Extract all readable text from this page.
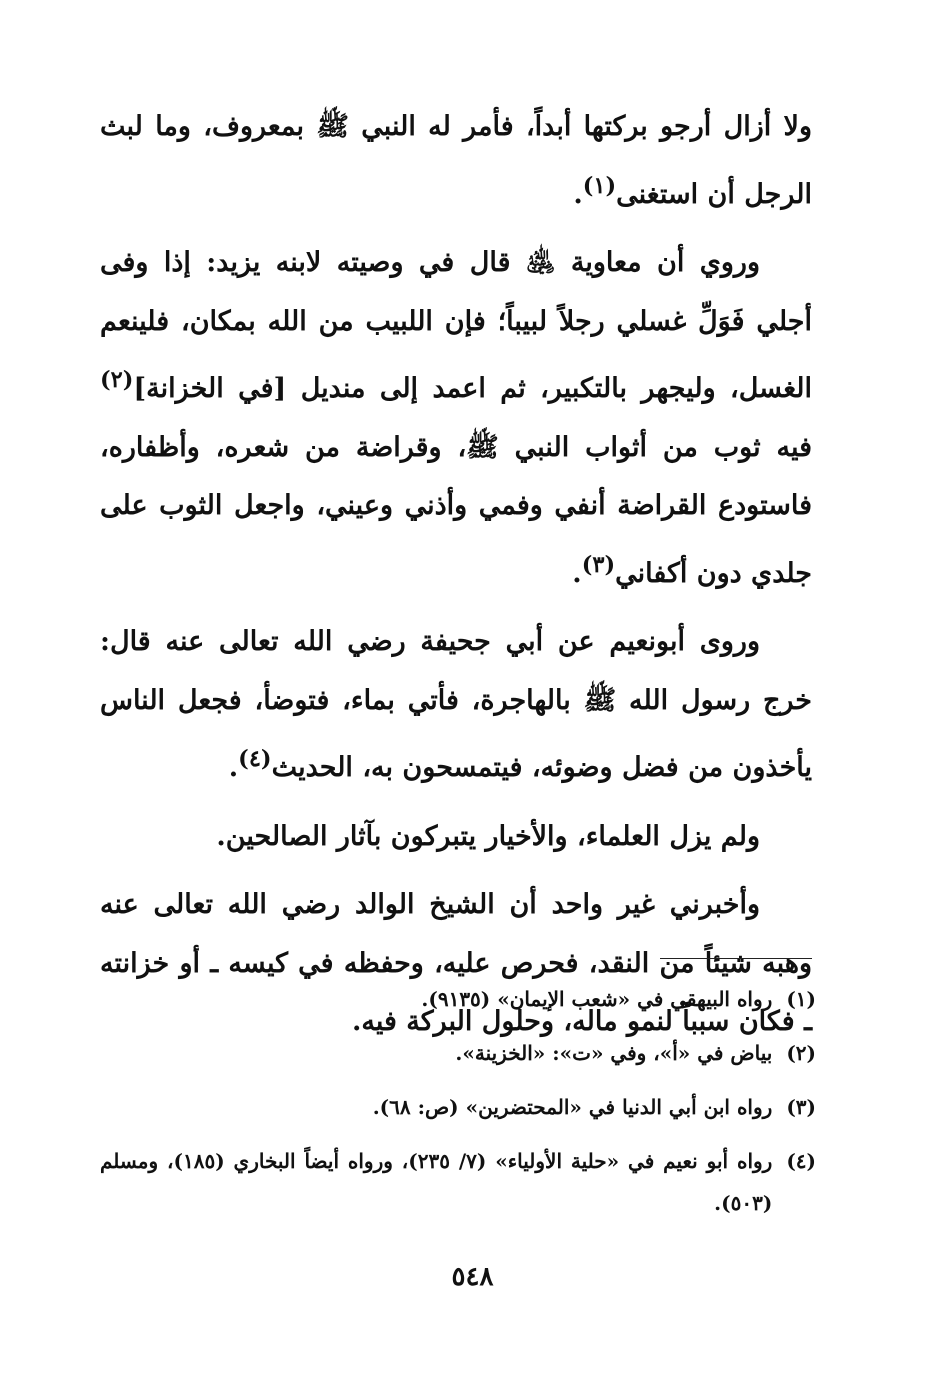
ولا أزال أرجو بركتها أبداً، فأمر له النبي ﷺ بمعروف، وما لبث الرجل أن استغنى$^{(١)}$.

وروي أن معاوية ﵁ قال في وصيته لابنه يزيد: إذا وفى أجلي فَوَلِّ غسلي رجلاً لبيباً؛ فإن اللبيب من الله بمكان، فلينعم الغسل، وليجهر بالتكبير، ثم اعمد إلى منديل [في الخزانة]$^{(٢)}$ فيه ثوب من أثواب النبي ﷺ، وقراضة من شعره، وأظفاره، فاستودع القراضة أنفي وفمي وأذني وعيني، واجعل الثوب على جلدي دون أكفاني$^{(٣)}$.

وروى أبونعيم عن أبي جحيفة رضي الله تعالى عنه قال: خرج رسول الله ﷺ بالهاجرة، فأتي بماء، فتوضأ، فجعل الناس يأخذون من فضل وضوئه، فيتمسحون به، الحديث$^{(٤)}$.

ولم يزل العلماء، والأخيار يتبركون بآثار الصالحين.

وأخبرني غير واحد أن الشيخ الوالد رضي الله تعالى عنه وهبه شيئاً من النقد، فحرص عليه، وحفظه في كيسه ـ أو خزانته ـ فكان سبباً لنمو ماله، وحلول البركة فيه.

(١)
رواه البيهقي في «شعب الإيمان» (٩١٣٥).
(٢)
بياض في «أ»، وفي «ت»: «الخزينة».
(٣)
رواه ابن أبي الدنيا في «المحتضرين» (ص: ٦٨).
(٤)
رواه أبو نعيم في «حلية الأولياء» (٧/ ٢٣٥)، ورواه أيضاً البخاري (١٨٥)، ومسلم (٥٠٣).
٥٤٨
